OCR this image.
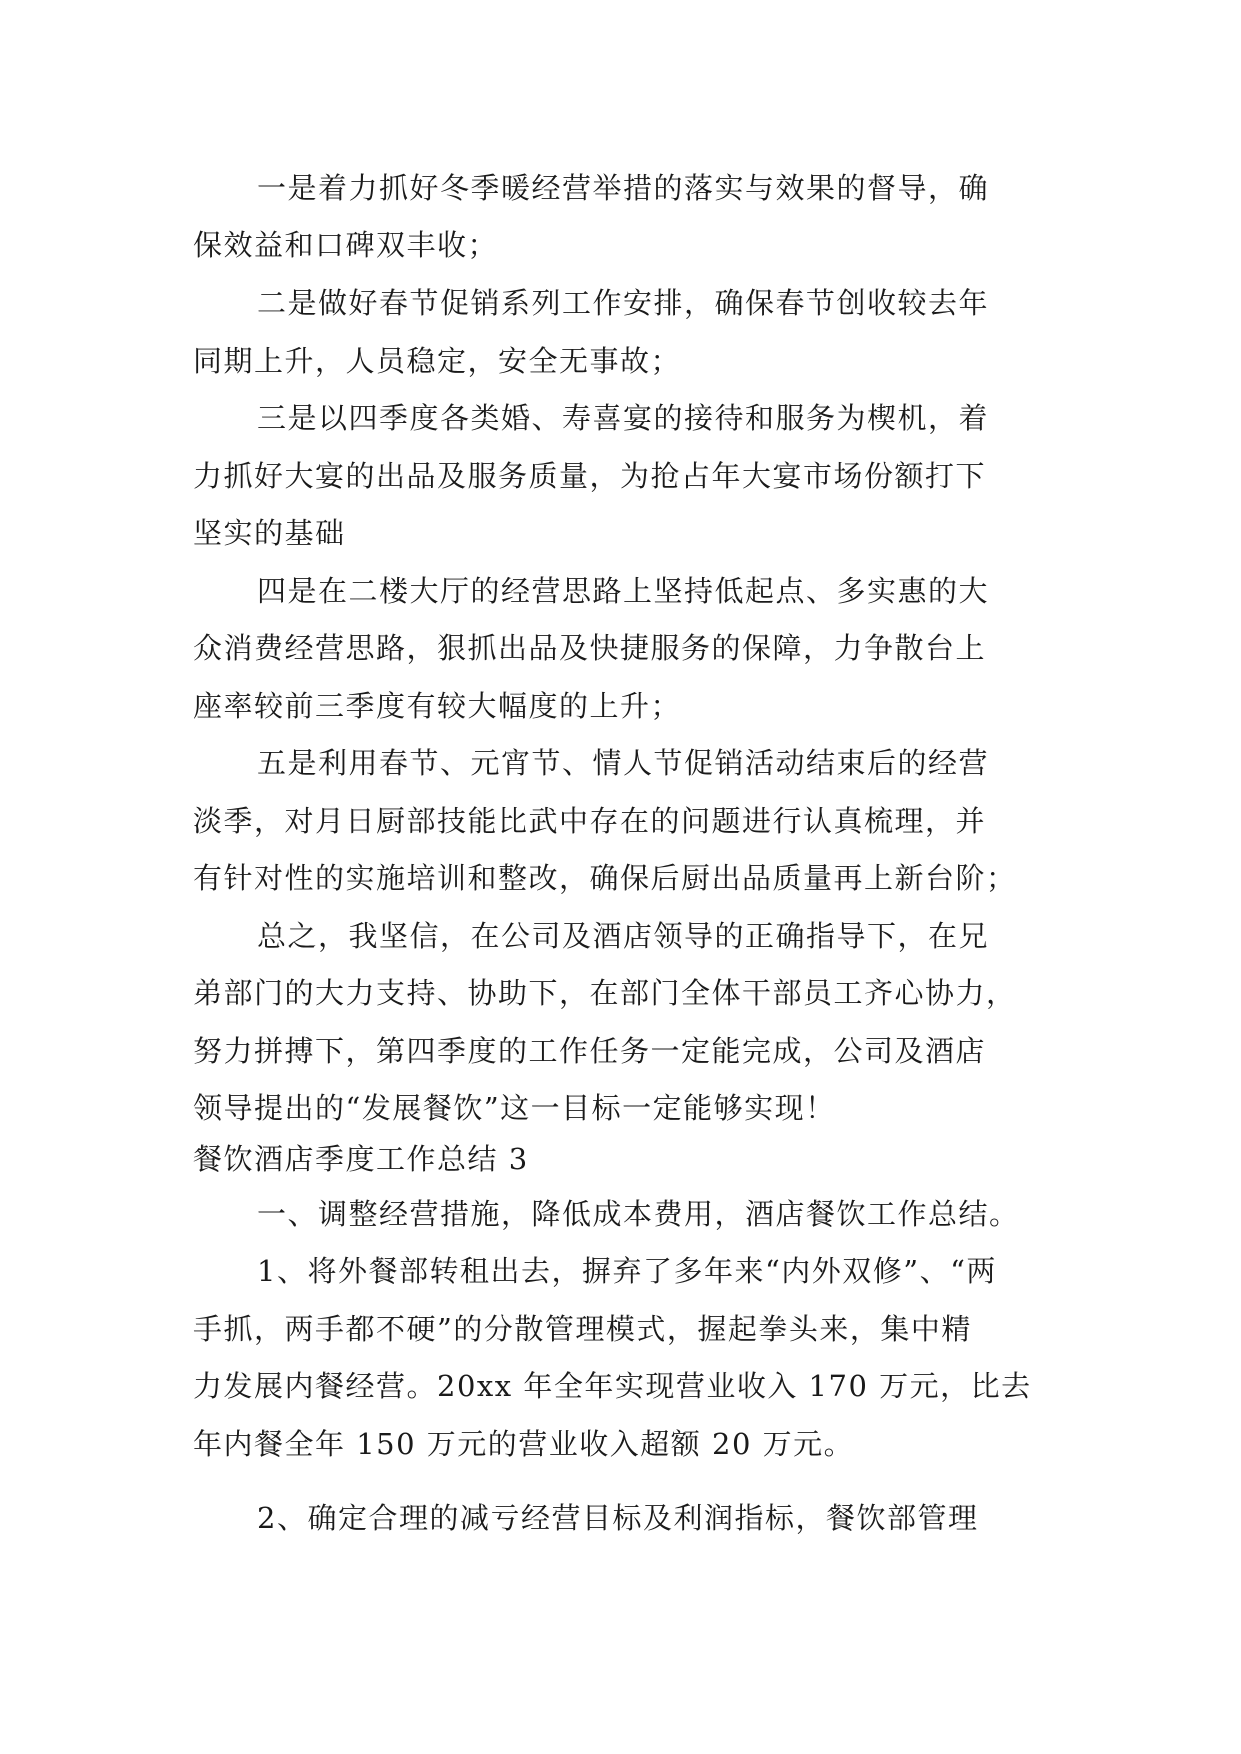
一是着力抓好冬季暖经营举措的落实与效果的督导，确
保效益和口碑双丰收；
二是做好春节促销系列工作安排，确保春节创收较去年
同期上升，人员稳定，安全无事故；
三是以四季度各类婚、寿喜宴的接待和服务为楔机，着
力抓好大宴的出品及服务质量，为抢占年大宴市场份额打下
坚实的基础
四是在二楼大厅的经营思路上坚持低起点、多实惠的大
众消费经营思路，狠抓出品及快捷服务的保障，力争散台上
座率较前三季度有较大幅度的上升；
五是利用春节、元宵节、情人节促销活动结束后的经营
淡季，对月日厨部技能比武中存在的问题进行认真梳理，并
有针对性的实施培训和整改，确保后厨出品质量再上新台阶；
总之，我坚信，在公司及酒店领导的正确指导下，在兄
弟部门的大力支持、协助下，在部门全体干部员工齐心协力，
努力拼搏下，第四季度的工作任务一定能完成，公司及酒店
领导提出的“发展餐饮”这一目标一定能够实现！
餐饮酒店季度工作总结 3
一、调整经营措施，降低成本费用，酒店餐饮工作总结。
1、将外餐部转租出去，摒弃了多年来“内外双修”、“两
手抓，两手都不硬”的分散管理模式，握起拳头来，集中精
力发展内餐经营。20xx 年全年实现营业收入 170 万元，比去
年内餐全年 150 万元的营业收入超额 20 万元。
2、确定合理的减亏经营目标及利润指标，餐饮部管理
